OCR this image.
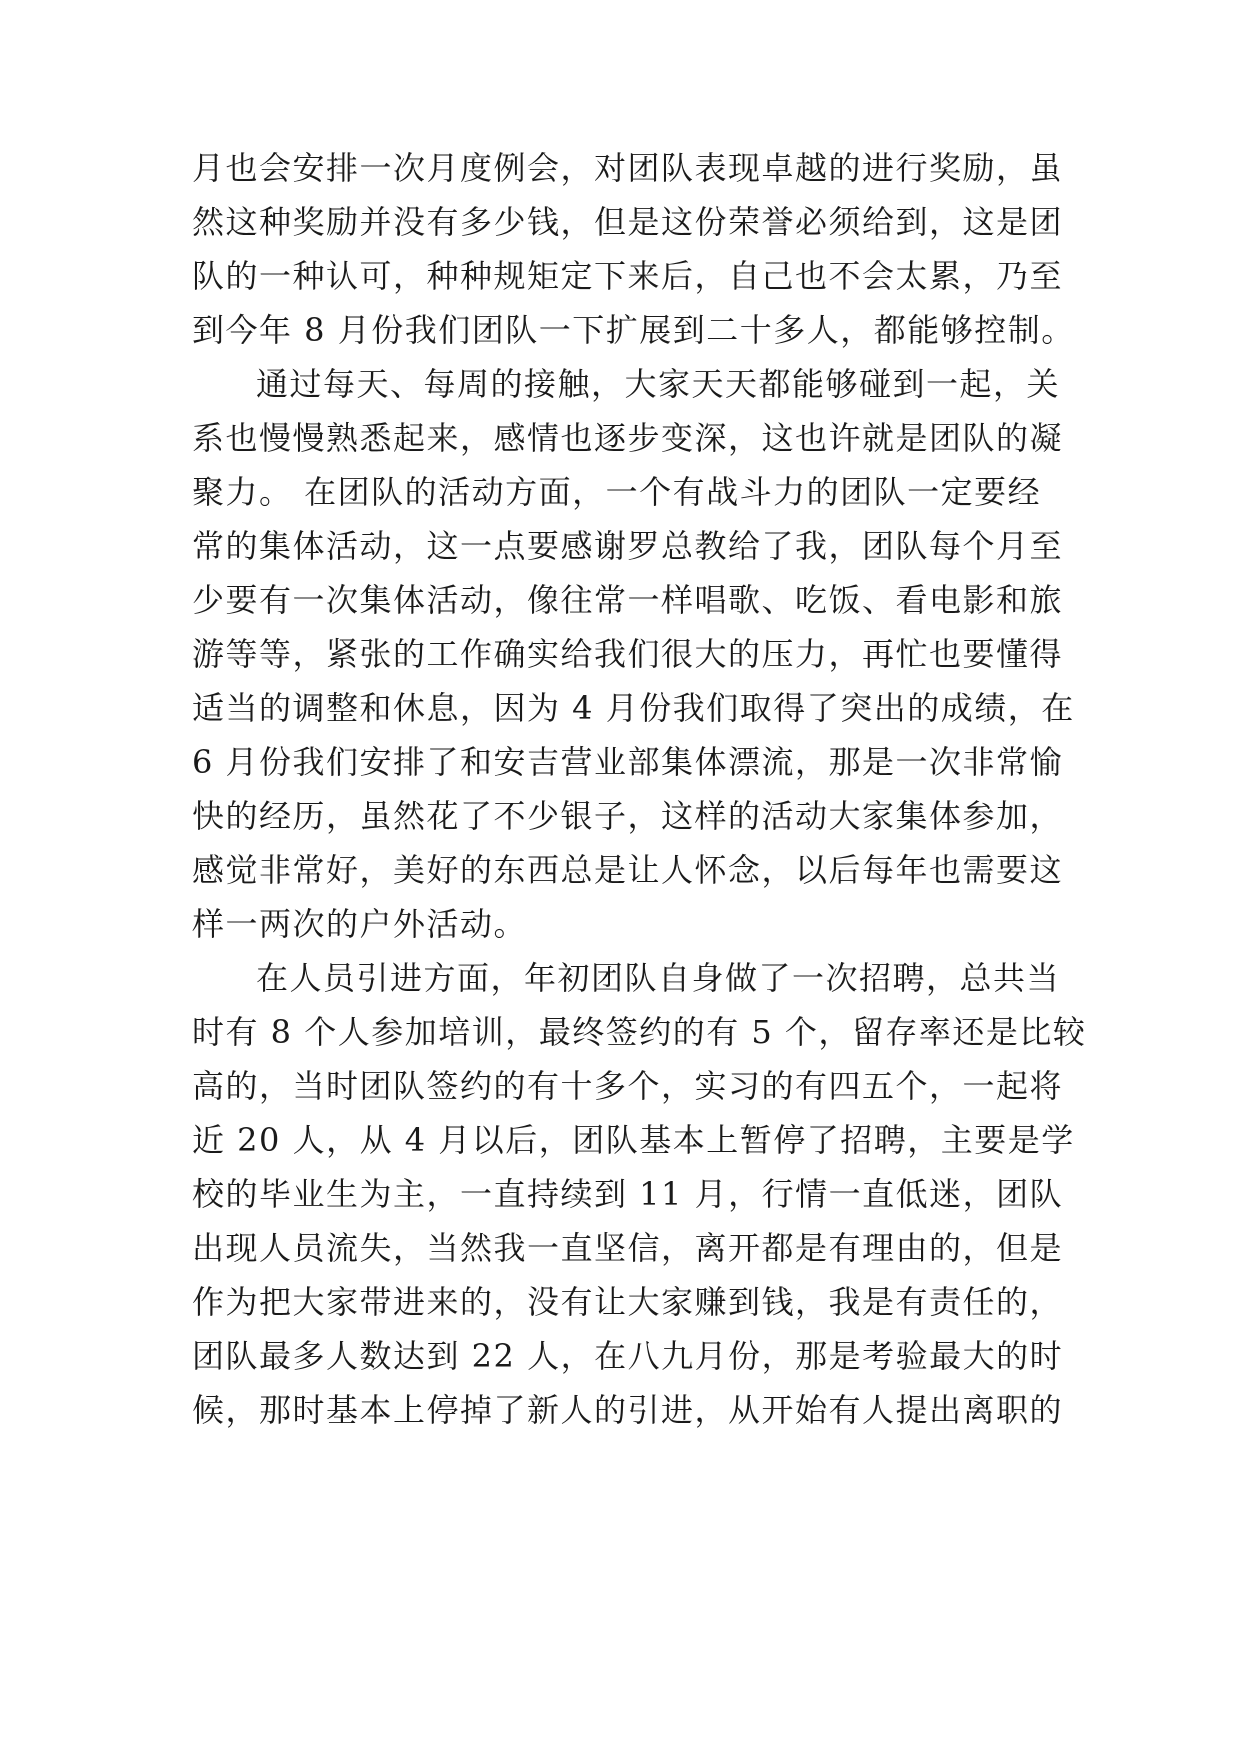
月也会安排一次月度例会，对团队表现卓越的进行奖励，虽
然这种奖励并没有多少钱，但是这份荣誉必须给到，这是团
队的一种认可，种种规矩定下来后，自己也不会太累，乃至
到今年 8 月份我们团队一下扩展到二十多人，都能够控制。
通过每天、每周的接触，大家天天都能够碰到一起，关
系也慢慢熟悉起来，感情也逐步变深，这也许就是团队的凝
聚力。 在团队的活动方面，一个有战斗力的团队一定要经
常的集体活动，这一点要感谢罗总教给了我，团队每个月至
少要有一次集体活动，像往常一样唱歌、吃饭、看电影和旅
游等等，紧张的工作确实给我们很大的压力，再忙也要懂得
适当的调整和休息，因为 4 月份我们取得了突出的成绩，在
6 月份我们安排了和安吉营业部集体漂流，那是一次非常愉
快的经历，虽然花了不少银子，这样的活动大家集体参加，
感觉非常好，美好的东西总是让人怀念，以后每年也需要这
样一两次的户外活动。
在人员引进方面，年初团队自身做了一次招聘，总共当
时有 8 个人参加培训，最终签约的有 5 个，留存率还是比较
高的，当时团队签约的有十多个，实习的有四五个，一起将
近 20 人，从 4 月以后，团队基本上暂停了招聘，主要是学
校的毕业生为主，一直持续到 11 月，行情一直低迷，团队
出现人员流失，当然我一直坚信，离开都是有理由的，但是
作为把大家带进来的，没有让大家赚到钱，我是有责任的，
团队最多人数达到 22 人，在八九月份，那是考验最大的时
候，那时基本上停掉了新人的引进，从开始有人提出离职的
